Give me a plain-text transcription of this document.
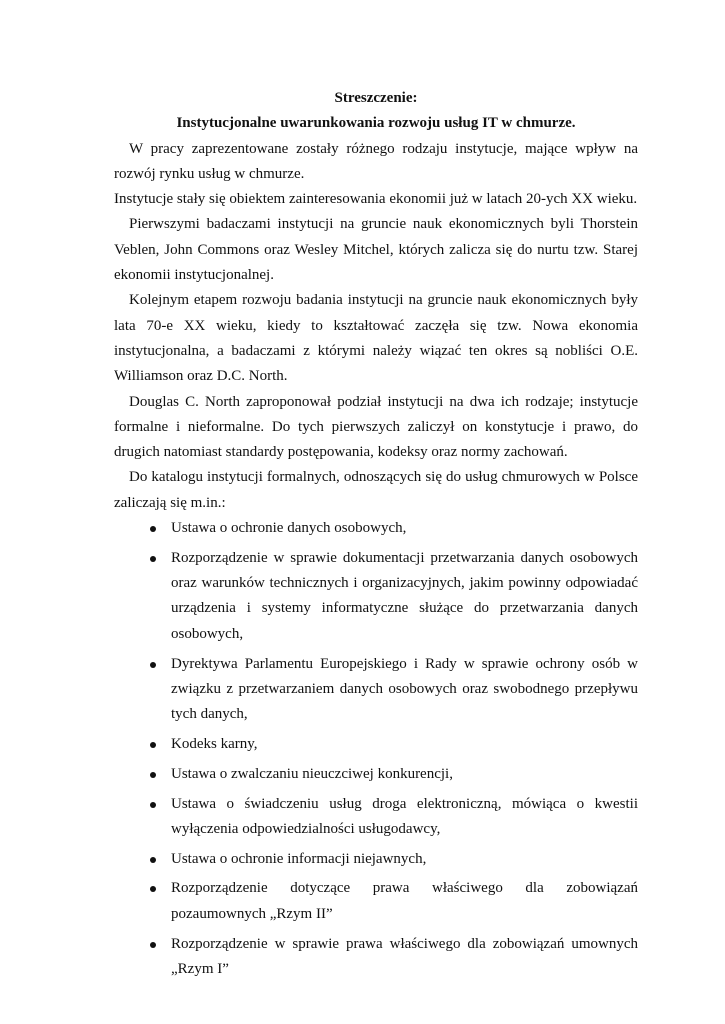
Streszczenie:
Instytucjonalne uwarunkowania rozwoju usług IT w chmurze.

W pracy zaprezentowane zostały różnego rodzaju instytucje, mające wpływ na rozwój rynku usług w chmurze.

Instytucje stały się obiektem zainteresowania ekonomii już w latach 20-ych XX wieku.

Pierwszymi badaczami instytucji na gruncie nauk ekonomicznych byli Thorstein Veblen, John Commons oraz Wesley Mitchel, których zalicza się do nurtu tzw. Starej ekonomii instytucjonalnej.

Kolejnym etapem rozwoju badania instytucji na gruncie nauk ekonomicznych były lata 70-e XX wieku, kiedy to kształtować zaczęła się tzw. Nowa ekonomia instytucjonalna, a badaczami z którymi należy wiązać ten okres są nobliści O.E. Williamson oraz D.C. North.

Douglas C. North zaproponował podział instytucji na dwa ich rodzaje; instytucje formalne i nieformalne. Do tych pierwszych zaliczył on konstytucje i prawo, do drugich natomiast standardy postępowania, kodeksy oraz normy zachowań.

Do katalogu instytucji formalnych, odnoszących się do usług chmurowych w Polsce zaliczają się m.in.:

Ustawa o ochronie danych osobowych,
Rozporządzenie w sprawie dokumentacji przetwarzania danych osobowych oraz warunków technicznych i organizacyjnych, jakim powinny odpowiadać urządzenia i systemy informatyczne służące do przetwarzania danych osobowych,
Dyrektywa Parlamentu Europejskiego i Rady w sprawie ochrony osób w związku z przetwarzaniem danych osobowych oraz swobodnego przepływu tych danych,
Kodeks karny,
Ustawa o zwalczaniu nieuczciwej konkurencji,
Ustawa o świadczeniu usług droga elektroniczną, mówiąca o kwestii wyłączenia odpowiedzialności usługodawcy,
Ustawa o ochronie informacji niejawnych,
Rozporządzenie dotyczące prawa właściwego dla zobowiązań pozaumownych „Rzym II”
Rozporządzenie w sprawie prawa właściwego dla zobowiązań umownych „Rzym I”
